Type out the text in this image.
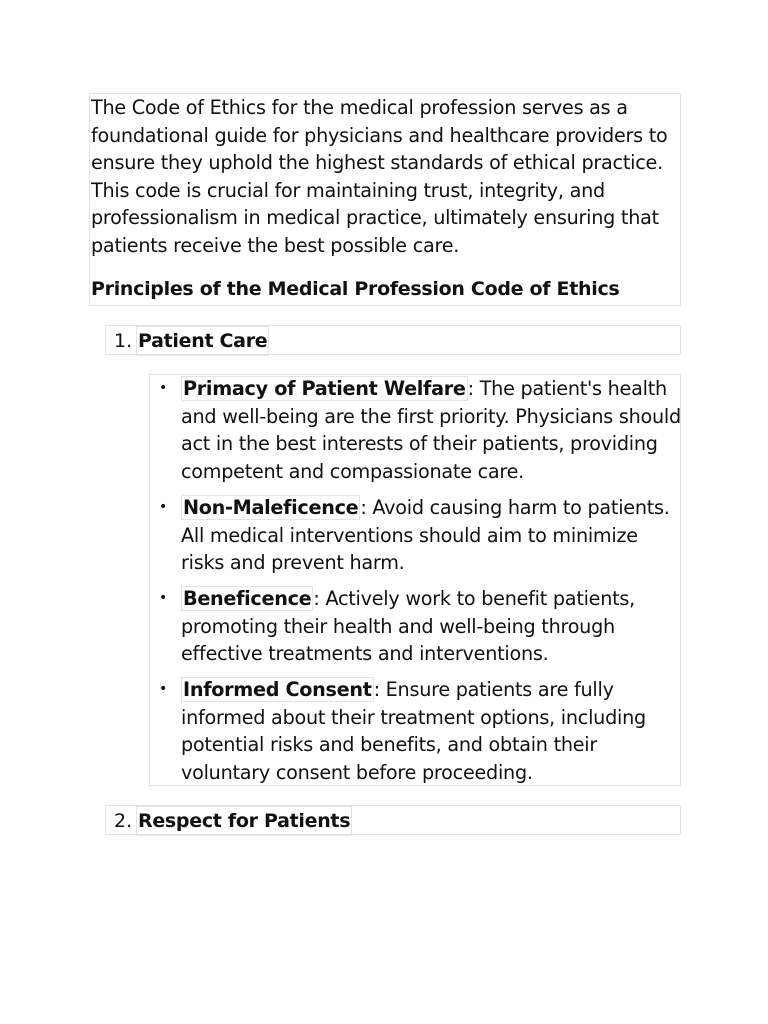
The Code of Ethics for the medical profession serves as a foundational guide for physicians and healthcare providers to ensure they uphold the highest standards of ethical practice. This code is crucial for maintaining trust, integrity, and professionalism in medical practice, ultimately ensuring that patients receive the best possible care.

Principles of the Medical Profession Code of Ethics

1. Patient Care
• Primacy of Patient Welfare : The patient's health and well-being are the first priority. Physicians should act in the best interests of their patients, providing competent and compassionate care.
• Non-Maleficence : Avoid causing harm to patients. All medical interventions should aim to minimize risks and prevent harm.
• Beneficence : Actively work to benefit patients, promoting their health and well-being through effective treatments and interventions.
• Informed Consent : Ensure patients are fully informed about their treatment options, including potential risks and benefits, and obtain their voluntary consent before proceeding.
2. Respect for Patients
